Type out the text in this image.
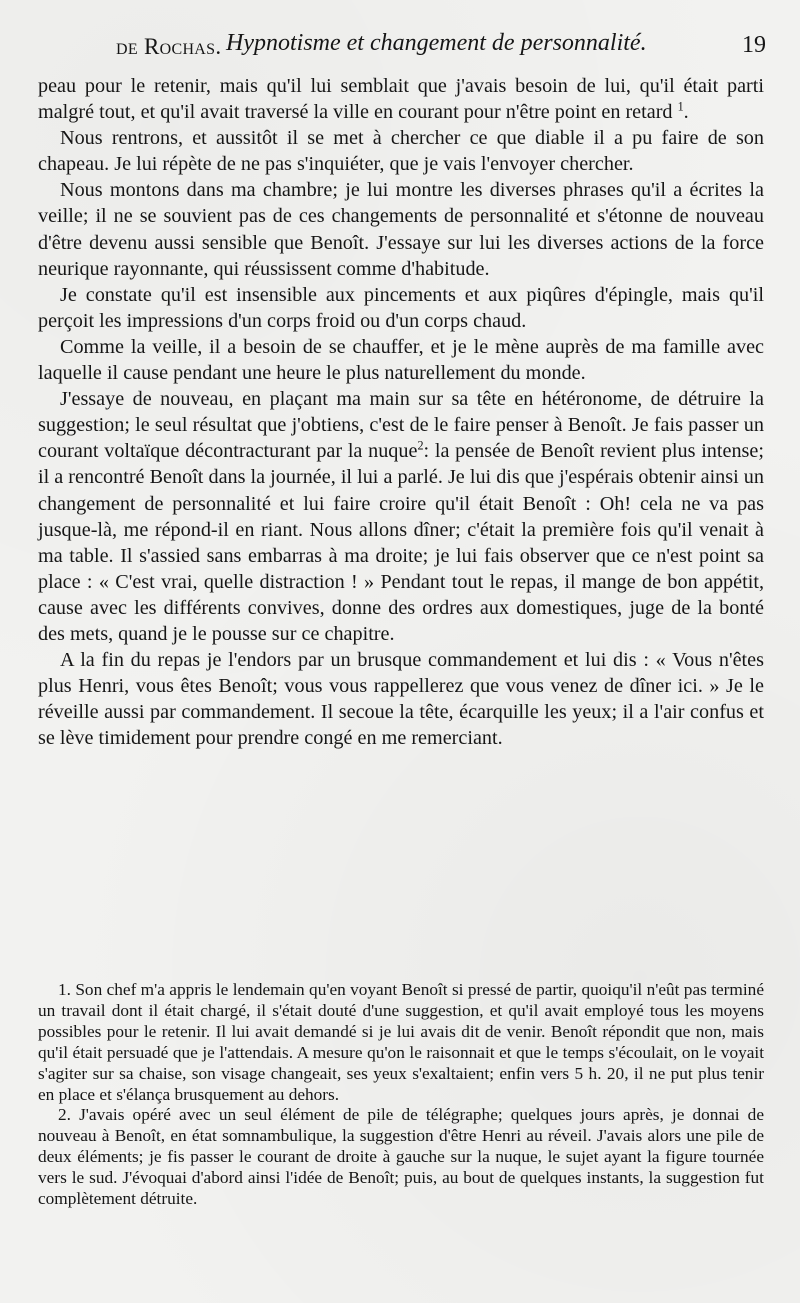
de Rochas. Hypnotisme et changement de personnalité.	19

peau pour le retenir, mais qu'il lui semblait que j'avais besoin de lui, qu'il était parti malgré tout, et qu'il avait traversé la ville en courant pour n'être point en retard $^1$.

Nous rentrons, et aussitôt il se met à chercher ce que diable il a pu faire de son chapeau. Je lui répète de ne pas s'inquiéter, que je vais l'envoyer chercher.

Nous montons dans ma chambre; je lui montre les diverses phrases qu'il a écrites la veille; il ne se souvient pas de ces changements de personnalité et s'étonne de nouveau d'être devenu aussi sensible que Benoît. J'essaye sur lui les diverses actions de la force neurique rayonnante, qui réussissent comme d'habitude.

Je constate qu'il est insensible aux pincements et aux piqûres d'épingle, mais qu'il perçoit les impressions d'un corps froid ou d'un corps chaud.

Comme la veille, il a besoin de se chauffer, et je le mène auprès de ma famille avec laquelle il cause pendant une heure le plus naturellement du monde.

J'essaye de nouveau, en plaçant ma main sur sa tête en hétéronome, de détruire la suggestion; le seul résultat que j'obtiens, c'est de le faire penser à Benoît. Je fais passer un courant voltaïque décontracturant par la nuque$^2$: la pensée de Benoît revient plus intense; il a rencontré Benoît dans la journée, il lui a parlé. Je lui dis que j'espérais obtenir ainsi un changement de personnalité et lui faire croire qu'il était Benoît : Oh! cela ne va pas jusque-là, me répond-il en riant. Nous allons dîner; c'était la première fois qu'il venait à ma table. Il s'assied sans embarras à ma droite; je lui fais observer que ce n'est point sa place : « C'est vrai, quelle distraction ! » Pendant tout le repas, il mange de bon appétit, cause avec les différents convives, donne des ordres aux domestiques, juge de la bonté des mets, quand je le pousse sur ce chapitre.

A la fin du repas je l'endors par un brusque commandement et lui dis : « Vous n'êtes plus Henri, vous êtes Benoît; vous vous rappellerez que vous venez de dîner ici. » Je le réveille aussi par commandement. Il secoue la tête, écarquille les yeux; il a l'air confus et se lève timidement pour prendre congé en me remerciant.

1. Son chef m'a appris le lendemain qu'en voyant Benoît si pressé de partir, quoiqu'il n'eût pas terminé un travail dont il était chargé, il s'était douté d'une suggestion, et qu'il avait employé tous les moyens possibles pour le retenir. Il lui avait demandé si je lui avais dit de venir. Benoît répondit que non, mais qu'il était persuadé que je l'attendais. A mesure qu'on le raisonnait et que le temps s'écoulait, on le voyait s'agiter sur sa chaise, son visage changeait, ses yeux s'exaltaient; enfin vers 5 h. 20, il ne put plus tenir en place et s'élança brusquement au dehors.

2. J'avais opéré avec un seul élément de pile de télégraphe; quelques jours après, je donnai de nouveau à Benoît, en état somnambulique, la suggestion d'être Henri au réveil. J'avais alors une pile de deux éléments; je fis passer le courant de droite à gauche sur la nuque, le sujet ayant la figure tournée vers le sud. J'évoquai d'abord ainsi l'idée de Benoît; puis, au bout de quelques instants, la suggestion fut complètement détruite.
